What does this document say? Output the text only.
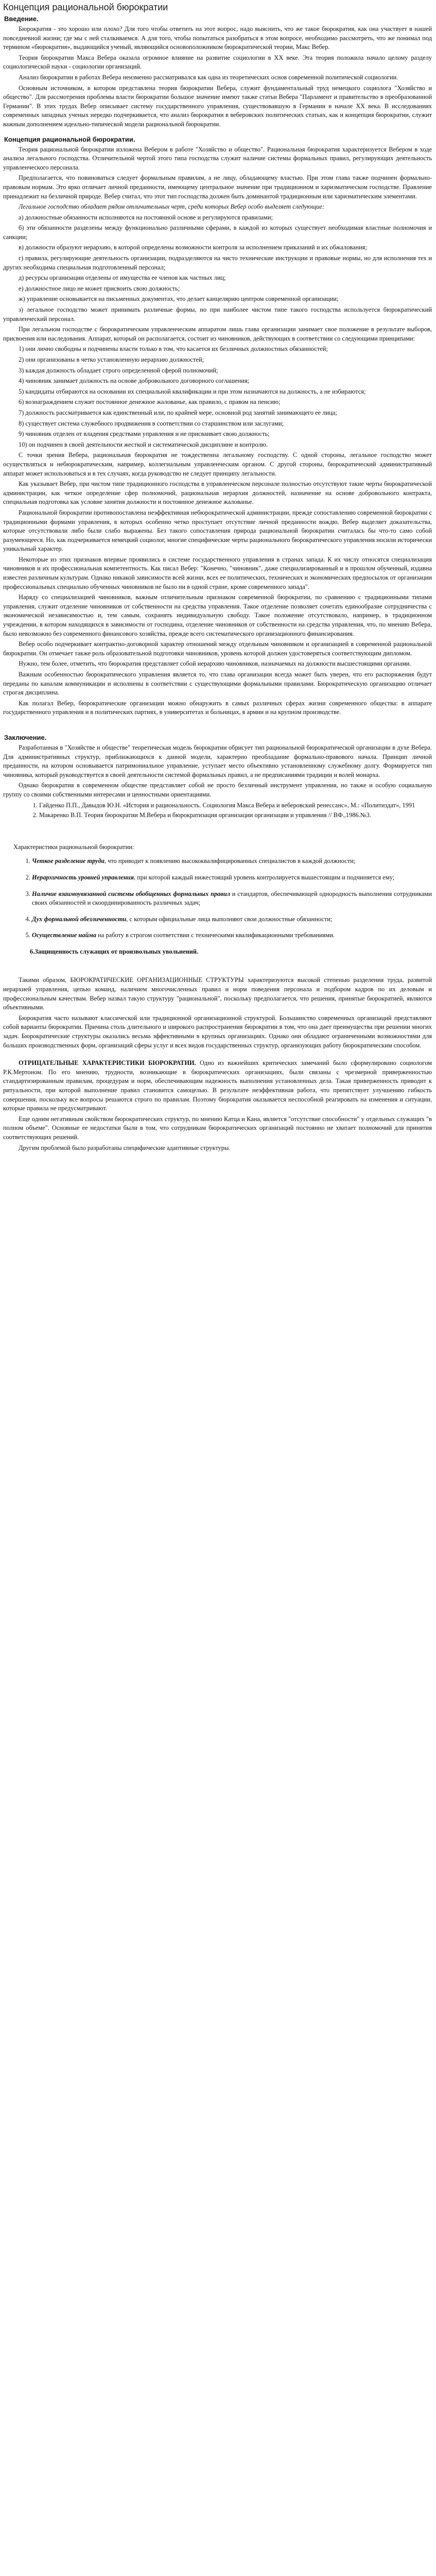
Концепция рациональной бюрократии
Введение.

Бюрократия - это хорошо или плохо? Для того чтобы ответить на этот вопрос, надо выяснить, что же такое бюрократия, как она участвует в нашей повседневной жизни; где мы с ней сталкиваемся. А для того, чтобы попытаться разобраться в этом вопросе, необходимо рассмотреть, что же понимал под термином «бюрократия», выдающийся ученый, являющийся основоположником бюрократической теории, Макс Вебер.

Теория бюрократии Макса Вебера оказала огромное влияние на развитие социологии в XX веке. Эта теория положила начало целому разделу социологической науки - социологии организаций.

Анализ бюрократии в работах Вебера неизменно рассматривался как одна из теоретических основ современной политической социологии.

Основным источником, в котором представлена теория бюрократии Вебера, служит фундаментальный труд немецкого социолога "Хозяйство и общество". Для рассмотрения проблемы власти бюрократии большое значение имеют также статьи Вебера "Парламент и правительство в преобразованной Германии". В этих трудах Вебер описывает систему государственного управления, существовавшую в Германии в начале XX века. В исследованиях современных западных ученых нередко подчеркивается, что анализ бюрократии в веберовских политических статьях, как и концепция бюрократии, служит важным дополнением идеально-типической модели рациональной бюрократии.

Концепция рациональной бюрократии.

Теория рациональной бюрократии изложена Вебером в работе "Хозяйство и общество". Рациональная бюрократия характеризуется Вебером в ходе анализа легального господства. Отличительной чертой этого типа господства служит наличие системы формальных правил, регулирующих деятельность управленческого персонала.

Предполагается, что повиноваться следует формальным правилам, а не лицу, обладающему властью. При этом глава также подчинен формально-правовым нормам. Это ярко отличает личной преданности, имеющему центральное значение при традиционном и харизматическом господстве. Правление принадлежит на безличной природе. Вебер считал, что этот тип господства должен быть доминантой традиционным или харизматическим элементами.

Легальное господство обладает рядом отличительных черт, среди которых Вебер особо выделяет следующие:

а) должностные обязанности исполняются на постоянной основе и регулируются правилами;

б) эти обязанности разделены между функционально различными сферами, в каждой из которых существует необходимая властные полномочия и санкции;

в) должности образуют иерархию, в которой определены возможности контроля за исполнением приказаний и их обжалования;

г) правила, регулирующие деятельность организации, подразделяются на чисто технические инструкции и правовые нормы, но для исполнения тех и других необходима специальная подготовленный персонал;

д) ресурсы организации отделены от имущества ее членов как частных лиц;

е) должностное лицо не может присвоить свою должность;

ж) управление основывается на письменных документах, что делает канцелярию центром современной организации;

з) легальное господство может принимать различные формы, но при наиболее чистом типе такого господства используется бюрократический управленческий персонал.

При легальном господстве с бюрократическим управленческим аппаратом лишь глава организации занимает свое положение в результате выборов, присвоения или наследования. Аппарат, который он располагается, состоит из чиновников, действующих в соответствии со следующими принципами:

1) они лично свободны и подчинены власти только в том, что касается их безличных должностных обязанностей;

2) они организованы в четко установленную иерархию должностей;

3) каждая должность обладает строго определенной сферой полномочий;

4) чиновник занимает должность на основе добровольного договорного соглашения;

5) кандидаты отбираются на основании их специальной квалификации и при этом назначаются на должность, а не избираются;

6) вознаграждением служит постоянное денежное жалованье, как правило, с правом на пенсию;

7) должность рассматривается как единственный или, по крайней мере, основной род занятий занимающего ее лица;

8) существует система служебного продвижения в соответствии со старшинством или заслугами;

9) чиновник отделен от владения средствами управления и не присваивает свою должность;

10) он подчинен в своей деятельности жесткой и систематической дисциплине и контролю.

С точки зрения Вебера, рациональная бюрократия не тождественна легальному господству. С одной стороны, легальное господство может осуществляться и небюрократическим, например, коллегиальным управленческим органом. С другой стороны, бюрократический административный аппарат может использоваться и в тех случаях, когда руководство не следует принципу легальности.

Как указывает Вебер, при чистом типе традиционного господства в управленческом персонале полностью отсутствуют такие черты бюрократической администрации, как четкое определение сфер полномочий, рациональная иерархия должностей, назначение на основе добровольного контракта, специальная подготовка как условие занятия должности и постоянное денежное жалованье.

Рациональной бюрократии противопоставлена неэффективная небюрократической администрации, прежде сопоставлению современной бюрократии с традиционными формами управления, в которых особенно четко проступает отсутствие личной преданности вождю. Вебер выделяет доказательства, которые отсутствовали либо были слабо выражены. Без такого сопоставления природа рациональной бюрократии считалась бы что-то само собой разумеющееся. Но, как подчеркивается немецкий социолог, многие специфические черты рационального бюрократического управления носили исторически уникальный характер.

Некоторые из этих признаков впервые проявились в системе государственного управления в странах запада. К их числу относятся специализация чиновников и их профессиональная компетентность. Как писал Вебер: "Конечно, "чиновник", даже специализированный и в прошлом обученный, издавна известен различным культурам. Однако никакой зависимости всей жизни, всех ее политических, технических и экономических предпосылок от организации профессиональных специально обученных чиновников не было ни в одной стране, кроме современного запада".

Наряду со специализацией чиновников, важным отличительным признаком современной бюрократии, по сравнению с традиционными типами управления, служит отделение чиновников от собственности на средства управления. Такое отделение позволяет сочетать единообразие сотрудничества с экономической независимостью и, тем самым, сохранять индивидуальную свободу. Такое положение отсутствовало, например, в традиционном учреждении, в котором находящихся в зависимости от господина, отделение чиновников от собственности на средства управления, что, по мнению Вебера, было невозможно без современного финансового хозяйства, прежде всего систематического организационного финансирования.

Вебер особо подчеркивает контрактно-договорной характер отношений между отдельным чиновником и организацией в современной рациональной бюрократии. Он отмечает также роль образовательной подготовки чиновников, уровень которой должен удостоверяться соответствующим дипломом.

Нужно, тем более, отметить, что бюрократия представляет собой иерархию чиновников, назначаемых на должности высшестоящими органами.

Важным особенностью бюрократического управления является то, что глава организации всегда может быть уверен, что его распоряжения будут переданы по каналам коммуникации и исполнены в соответствии с существующими формальными правилами. Бюрократическую организацию отличает строгая дисциплина.

Как полагал Вебер, бюрократические организации можно обнаружить в самых различных сферах жизни современного общества: в аппарате государственного управления и в политических партиях, в университетах и больницах, в армии и на крупном производстве.

Заключение.

Разработанная в "Хозяйстве и обществе" теоретическая модель бюрократии обрисует тип рациональной бюрократической организации в духе Вебера. Для административных структур, приближающихся к данной модели, характерно преобладание формально-правового начала. Принцип личной преданности, на котором основывается патримониальное управление, уступает место объективно установленному служебному долгу. Формируется тип чиновника, который руководствуется в своей деятельности системой формальных правил, а не предписаниями традиции и волей монарха.

Однако бюрократия в современном обществе представляет собой не просто безличный инструмент управления, но также и особую социальную группу со своими собственными интересами и ценностными ориентациями.

1. Гайденко П.П., Давыдов Ю.Н. «История и рациональность. Социология Макса Вебера и веберовский ренессанс», М.: «Политиздат», 1991
2. Макаренко В.П. Теория бюрократии М.Вебера и бюрократизация организации организации и управления // ВФ.,1986.№3.
Характеристики рациональной бюрократии:
1. Четкое разделение труда, что приводит к появлению высококвалифицированных специалистов в каждой должности;
2. Иерархичность уровней управления, при которой каждый нижестоящий уровень контролируется вышестоящим и подчиняется ему;
3. Наличие взаимоувязанной системы обобщенных формальных правил и стандартов, обеспечивающей однородность выполнения сотрудниками своих обязанностей и скоординированность различных задач;
4. Дух формальной обезличенности, с которым официальные лица выполняют свои должностные обязанности;
5. Осуществление найма на работу в строгом соответствии с техническими квалификационными требованиями.

6.Защищенность служащих от произвольных увольнений.

Такими образом, БЮРОКРАТИЧЕСКИЕ ОРГАНИЗАЦИОННЫЕ СТРУКТУРЫ характеризуются высокой степенью разделения труда, развитой иерархией управления, цепью команд, наличием многочисленных правил и норм поведения персонала и подбором кадров по их деловым и профессиональным качествам. Вебер назвал такую структуру "рациональной", поскольку предполагается, что решения, принятые бюрократией, являются объективными.

Бюрократия часто называют классической или традиционной организационной структурой. Большинство современных организаций представляют собой варианты бюрократии. Причина столь длительного и широкого распространения бюрократии в том, что она дает преимущества при решении многих задач. Бюрократические структуры оказались весьма эффективными в крупных организациях. Однако они обладают ограниченными возможностями для больших производственных форм, организаций сферы услуг и всех видов государственных структур, организующих работу бюрократическим способом.

ОТРИЦАТЕЛЬНЫЕ ХАРАКТЕРИСТИКИ БЮРОКРАТИИ. Одно из важнейших критических замечаний было сформулировано социологом Р.К.Мертоном. По его мнению, трудности, возникающие в бюрократических организациях, были связаны с чрезмерной приверженностью стандартизированным правилам, процедурам и норм, обеспечивающим надежность выполнения установленных дела. Такая приверженность приводит к ритуальности, при которой выполнение правил становится самоцелью. В результате неэффективная работа, что препятствует улучшению гибкость совершения, поскольку все вопросы решаются строго по правилам. Поэтому бюрократия оказывается неспособной реагировать на изменения и ситуации, которые правила не предусматривают.

Еще одним негативным свойством бюрократических структур, по мнению Катца и Кана, является "отсутствие способности" у отдельных служащих "в полном объеме". Основные ее недостатки были в том, что сотрудникам бюрократических организаций постоянно не хватает полномочий для принятия соответствующих решений.

Другим проблемой было разработаны специфические адаптивные структуры.
